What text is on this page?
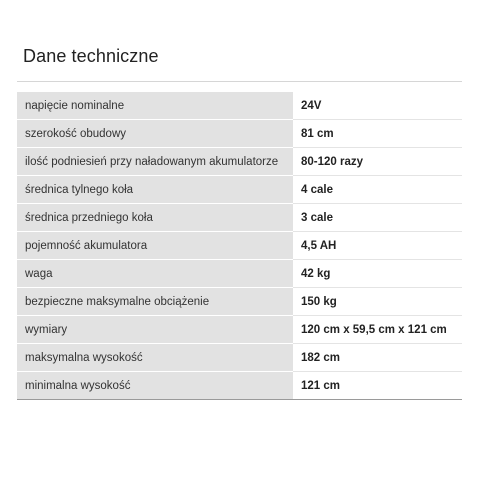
Dane techniczne
napięcie nominalne	24V
szerokość obudowy	81 cm
ilość podniesień przy naładowanym akumulatorze	80-120 razy
średnica tylnego koła	4 cale
średnica przedniego koła	3 cale
pojemność akumulatora	4,5 AH
waga	42 kg
bezpieczne maksymalne obciążenie	150 kg
wymiary	120 cm x 59,5 cm x 121 cm
maksymalna wysokość	182 cm
minimalna wysokość	121 cm
